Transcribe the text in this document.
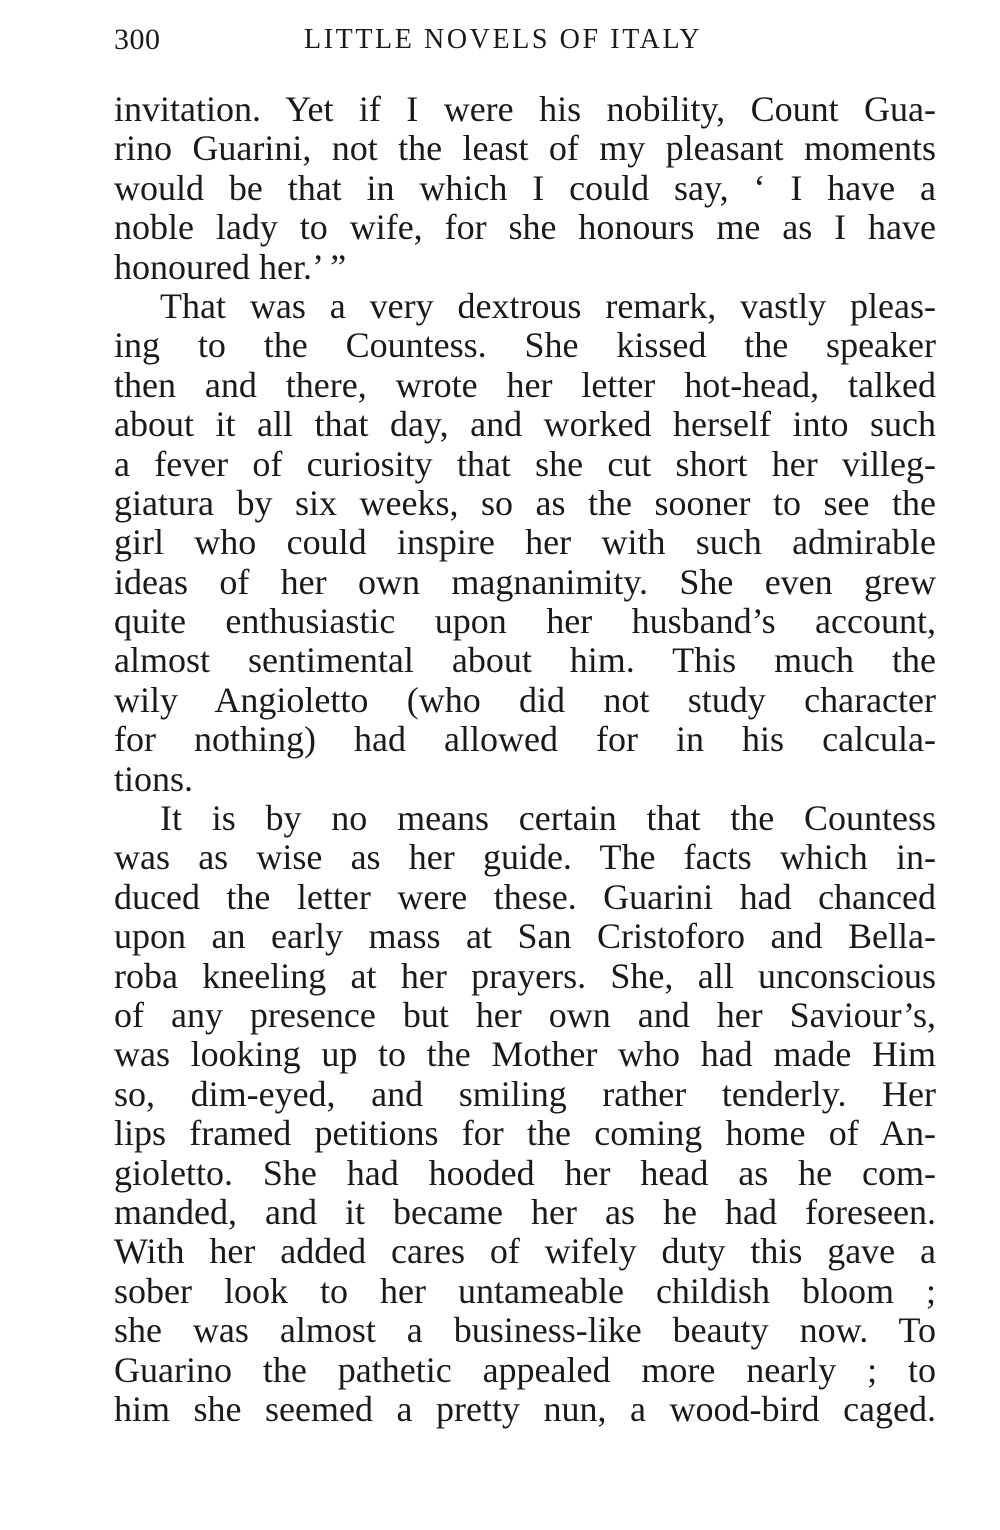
300	LITTLE NOVELS OF ITALY
invitation. Yet if I were his nobility, Count Gua-
rino Guarini, not the least of my pleasant moments
would be that in which I could say, ‘ I have a
noble lady to wife, for she honours me as I have
honoured her.’ ”
That was a very dextrous remark, vastly pleas-
ing to the Countess. She kissed the speaker
then and there, wrote her letter hot-head, talked
about it all that day, and worked herself into such
a fever of curiosity that she cut short her villeg-
giatura by six weeks, so as the sooner to see the
girl who could inspire her with such admirable
ideas of her own magnanimity. She even grew
quite enthusiastic upon her husband’s account,
almost sentimental about him. This much the
wily Angioletto (who did not study character
for nothing) had allowed for in his calcula-
tions.
It is by no means certain that the Countess
was as wise as her guide. The facts which in-
duced the letter were these. Guarini had chanced
upon an early mass at San Cristoforo and Bella-
roba kneeling at her prayers. She, all unconscious
of any presence but her own and her Saviour’s,
was looking up to the Mother who had made Him
so, dim-eyed, and smiling rather tenderly. Her
lips framed petitions for the coming home of An-
gioletto. She had hooded her head as he com-
manded, and it became her as he had foreseen.
With her added cares of wifely duty this gave a
sober look to her untameable childish bloom ;
she was almost a business-like beauty now. To
Guarino the pathetic appealed more nearly ; to
him she seemed a pretty nun, a wood-bird caged.
